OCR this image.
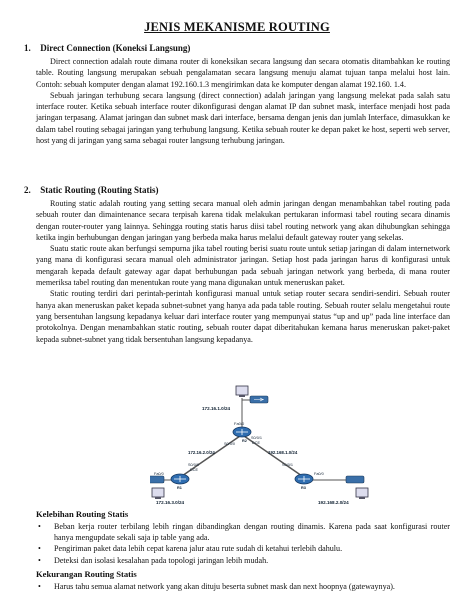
JENIS MEKANISME ROUTING
1. Direct Connection (Koneksi Langsung)

Direct connection adalah route dimana router di koneksikan secara langsung dan secara otomatis ditambahkan ke routing table. Routing langsung merupakan sebuah pengalamatan secara langsung menuju alamat tujuan tanpa melalui host lain. Contoh: sebuah komputer dengan alamat 192.160.1.3 mengirimkan data ke komputer dengan alamat 192.160. 1.4.

Sebuah jaringan terhubung secara langsung (direct connection) adalah jaringan yang langsung melekat pada salah satu interface router. Ketika sebuah interface router dikonfigurasi dengan alamat IP dan subnet mask, interface menjadi host pada jaringan terpasang. Alamat jaringan dan subnet mask dari interface, bersama dengan jenis dan jumlah Interface, dimasukkan ke dalam tabel routing sebagai jaringan yang terhubung langsung. Ketika sebuah router ke depan paket ke host, seperti web server, host yang di jaringan yang sama sebagai router langsung terhubung jaringan.

2. Static Routing (Routing Statis)

Routing static adalah routing yang setting secara manual oleh admin jaringan dengan menambahkan tabel routing pada sebuah router dan dimaintenance secara terpisah karena tidak melakukan pertukaran informasi tabel routing secara dinamis dengan router-router yang lainnya. Sehingga routing statis harus diisi tabel routing network yang akan dihubungkan sehingga ketika ingin berhubungan dengan jaringan yang berbeda maka harus melalui default gateway router yang sekelas.

Suatu static route akan berfungsi sempurna jika tabel routing berisi suatu route untuk setiap jaringan di dalam internetwork yang mana di konfigurasi secara manual oleh administrator jaringan. Setiap host pada jaringan harus di konfigurasi untuk mengarah kepada default gateway agar dapat berhubungan pada sebuah jaringan network yang berbeda, di mana router memeriksa tabel routing dan menentukan route yang mana digunakan untuk meneruskan paket.

Static routing terdiri dari perintah-perintah konfigurasi manual untuk setiap router secara sendiri-sendiri. Sebuah router hanya akan meneruskan paket kepada subnet-subnet yang hanya ada pada table routing. Sebuah router selalu mengetahui route yang bersentuhan langsung kepadanya keluar dari interface router yang mempunyai status “up and up” pada line interface dan protokolnya. Dengan menambahkan static routing, sebuah router dapat diberitahukan kemana harus meneruskan paket-paket kepada subnet-subnet yang tidak bersentuhan langsung kepadanya.

172.16.1.0/24
Fa0/0
R2
S0/0/0
S0/0/1
DCE
172.16.2.0/24	192.168.1.0/24
S0/0/0
DCE
Fa0/0
R1
S0/0/1
Fa0/0
R3
172.16.3.0/24	192.168.2.0/24
Kelebihan Routing Statis
• Beban kerja router terbilang lebih ringan dibandingkan dengan routing dinamis. Karena pada saat konfigurasi router hanya mengupdate sekali saja ip table yang ada.
• Pengiriman paket data lebih cepat karena jalur atau rute sudah di ketahui terlebih dahulu.
• Deteksi dan isolasi kesalahan pada topologi jaringan lebih mudah.
Kekurangan Routing Statis
• Harus tahu semua alamat network yang akan dituju beserta subnet mask dan next hoopnya (gatewaynya).
